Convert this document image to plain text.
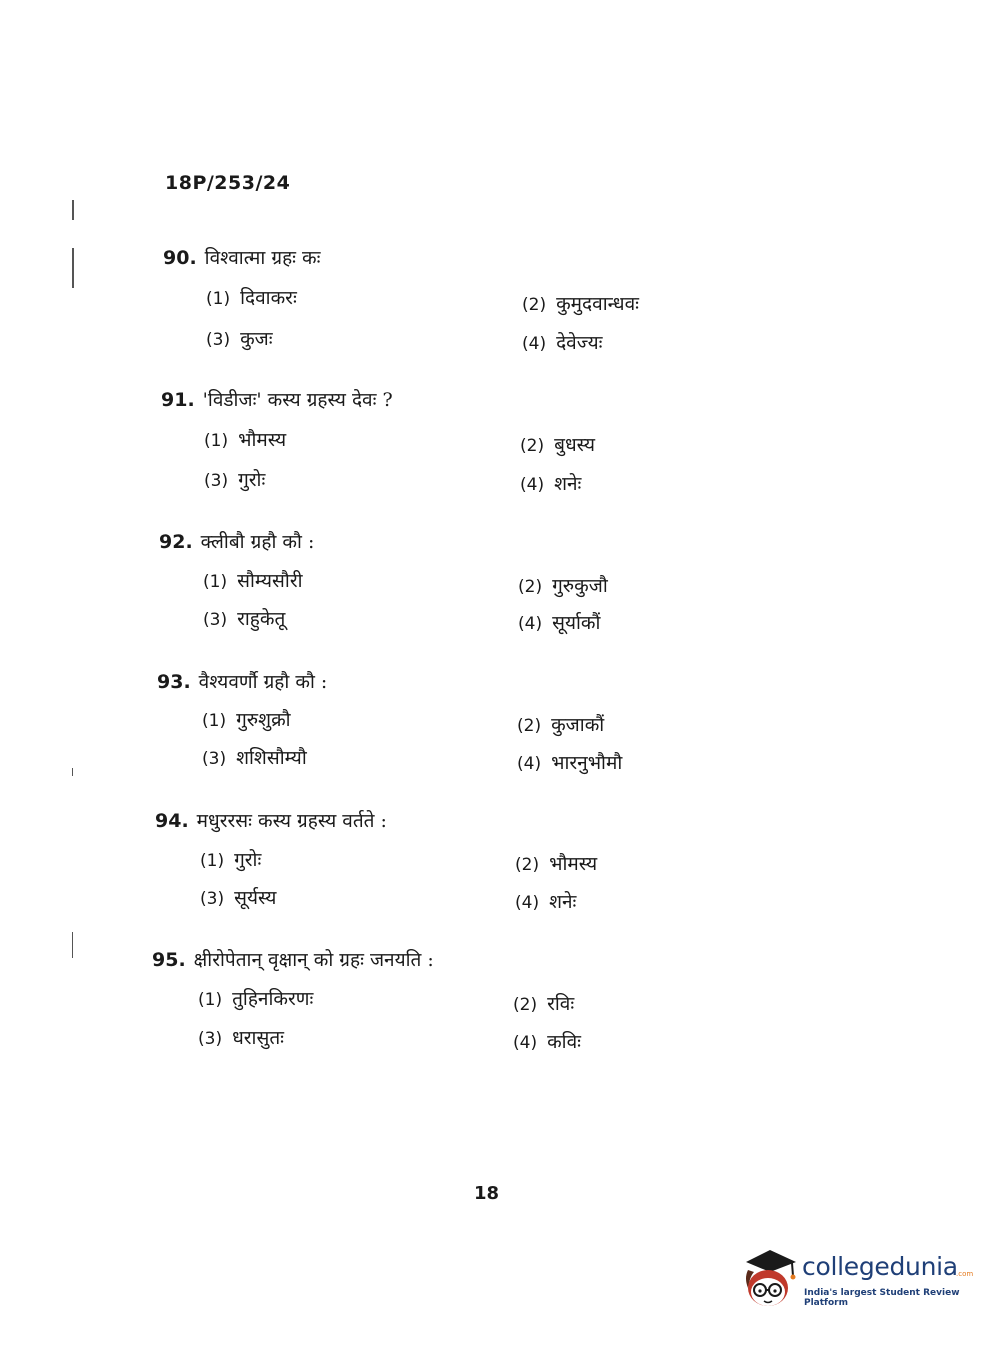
18P/253/24
90. विश्वात्मा ग्रहः कः
(1) दिवाकरः	(2) कुमुदवान्धवः
(3) कुजः	(4) देवेज्यः
91. 'विडीजः' कस्य ग्रहस्य देवः ?
(1) भौमस्य	(2) बुधस्य
(3) गुरोः	(4) शनेः
92. क्लीबौ ग्रहौ कौ :
(1) सौम्यसौरी	(2) गुरुकुजौ
(3) राहुकेतू	(4) सूर्याकौं
93. वैश्यवर्णौ ग्रहौ कौ :
(1) गुरुशुक्रौ	(2) कुजाकौं
(3) शशिसौम्यौ	(4) भारनुभौमौ
94. मधुररसः कस्य ग्रहस्य वर्तते :
(1) गुरोः	(2) भौमस्य
(3) सूर्यस्य	(4) शनेः
95. क्षीरोपेतान् वृक्षान् को ग्रहः जनयति :
(1) तुहिनकिरणः	(2) रविः
(3) धरासुतः	(4) कविः
18
collegedunia
.com
India's largest Student Review Platform
